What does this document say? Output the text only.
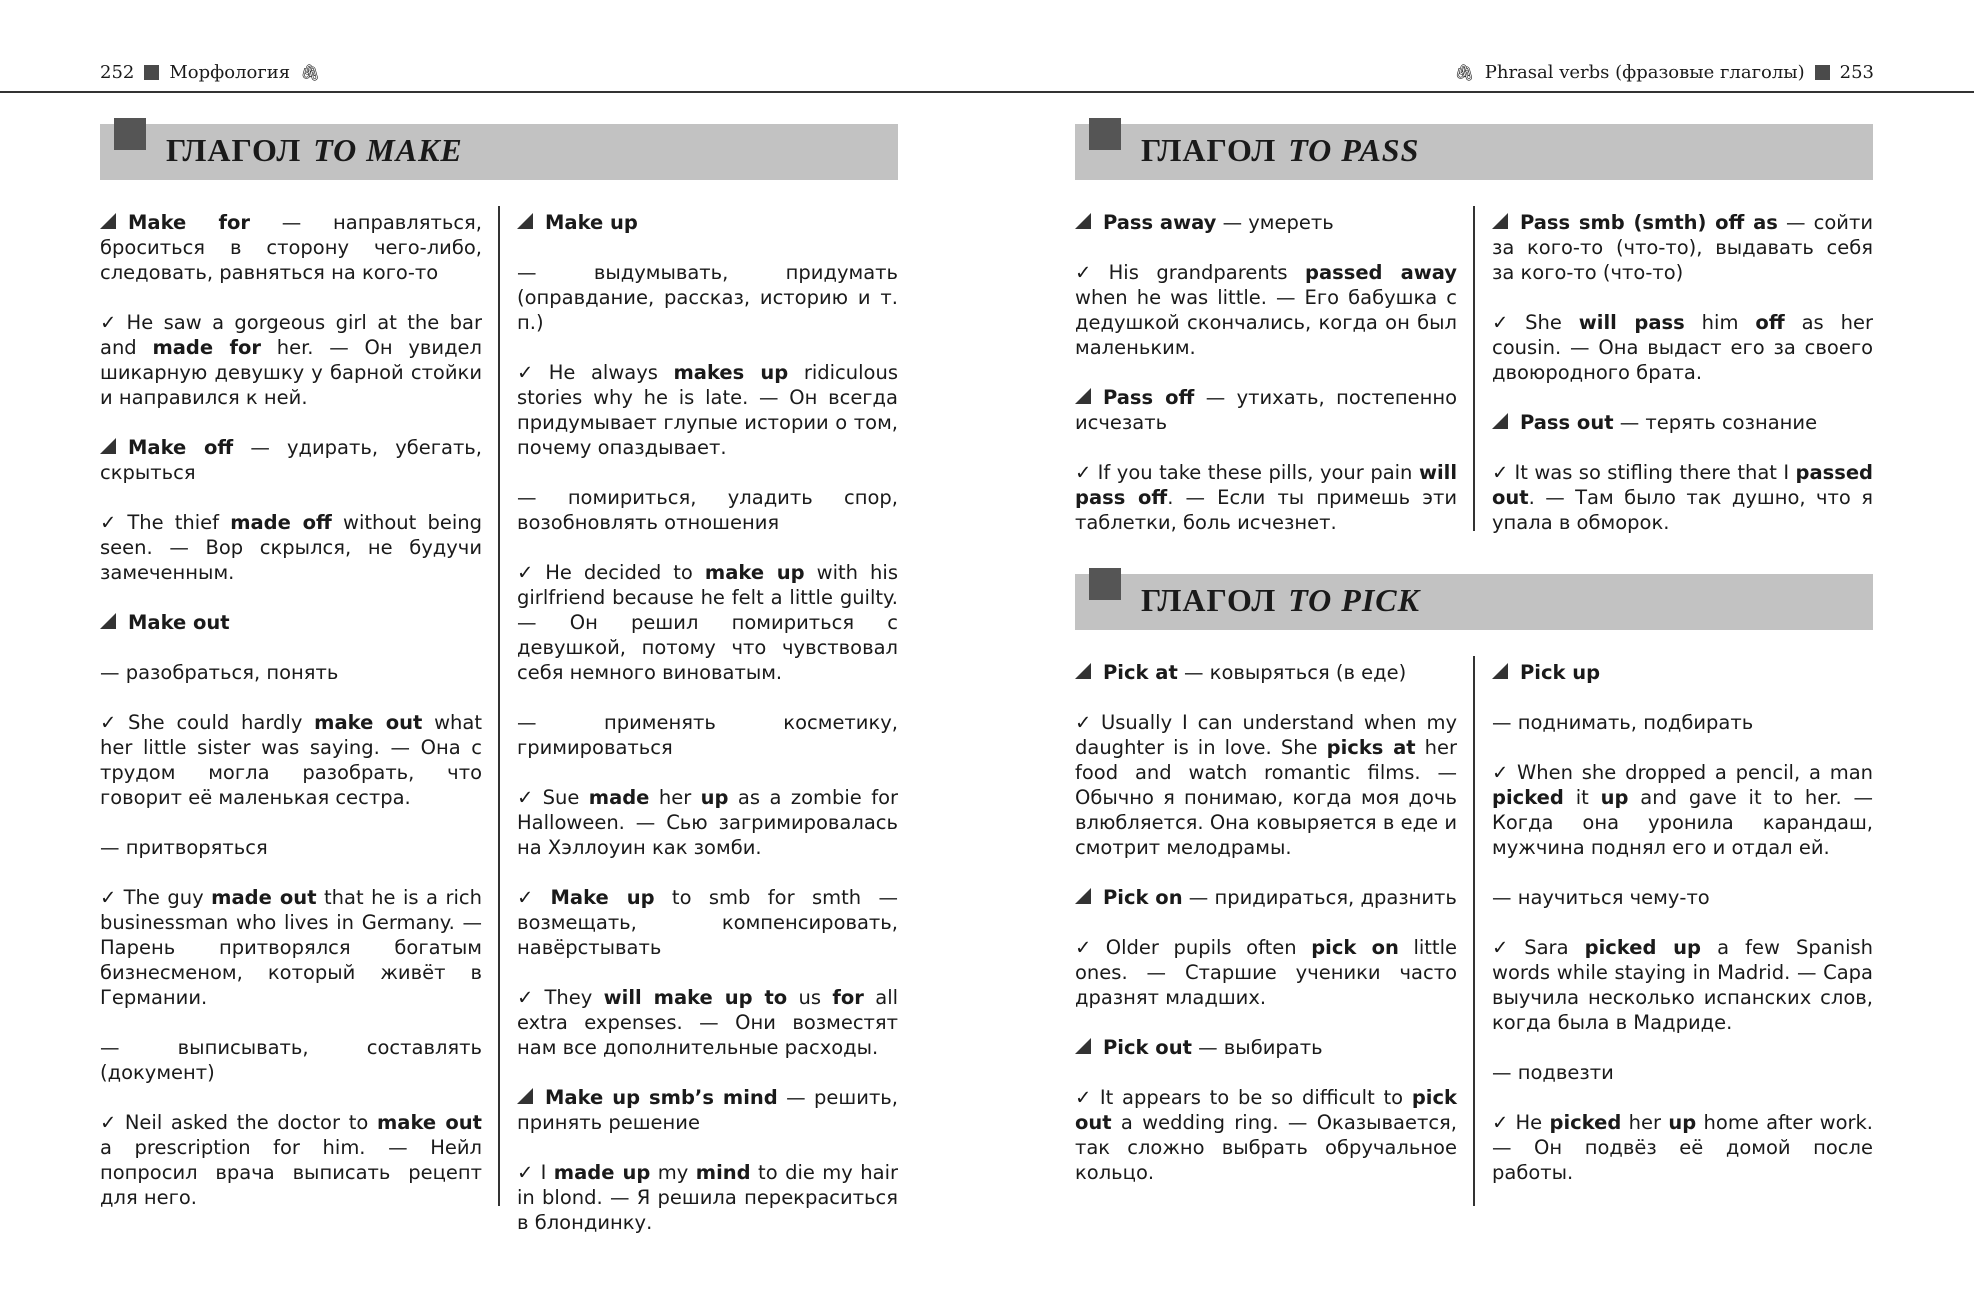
252 Морфология 🖇	🖇 Phrasal verbs (фразовые глаголы) 253
ГЛАГОЛ TO MAKE	ГЛАГОЛ TO PASS
ГЛАГОЛ TO PICK

Make for — направляться, броситься в сторону чего-либо, следовать, равняться на кого-то

✓ He saw a gorgeous girl at the bar and made for her. — Он увидел шикарную девушку у барной стойки и направился к ней.

Make off — удирать, убегать, скрыться

✓ The thief made off without being seen. — Вор скрылся, не будучи замеченным.

Make out

— разобраться, понять

✓ She could hardly make out what her little sister was saying. — Она с трудом могла разобрать, что говорит её маленькая сестра.

— притворяться

✓ The guy made out that he is a rich businessman who lives in Germany. — Парень притворялся богатым бизнесменом, который живёт в Германии.

— выписывать, составлять (документ)

✓ Neil asked the doctor to make out a prescription for him. — Нейл попросил врача выписать рецепт для него.

Make up

— выдумывать, придумать (оправдание, рассказ, историю и т. п.)

✓ He always makes up ridiculous stories why he is late. — Он всегда придумывает глупые истории о том, почему опаздывает.

— помириться, уладить спор, возобновлять отношения

✓ He decided to make up with his girlfriend because he felt a little guilty. — Он решил помириться с девушкой, потому что чувствовал себя немного виноватым.

— применять косметику, гримироваться

✓ Sue made her up as a zombie for Halloween. — Сью загримировалась на Хэллоуин как зомби.

✓ Make up to smb for smth — возмещать, компенсировать, навёрстывать

✓ They will make up to us for all extra expenses. — Они возместят нам все дополнительные расходы.

Make up smb’s mind — решить, принять решение

✓ I made up my mind to die my hair in blond. — Я решила перекраситься в блондинку.

Pass away — умереть

✓ His grandparents passed away when he was little. — Его бабушка с дедушкой скончались, когда он был маленьким.

Pass off — утихать, постепенно исчезать

✓ If you take these pills, your pain will pass off. — Если ты примешь эти таблетки, боль исчезнет.

Pass smb (smth) off as — сойти за кого-то (что-то), выдавать себя за кого-то (что-то)

✓ She will pass him off as her cousin. — Она выдаст его за своего двоюродного брата.

Pass out — терять сознание

✓ It was so stifling there that I passed out. — Там было так душно, что я упала в обморок.

Pick at — ковыряться (в еде)

✓ Usually I can understand when my daughter is in love. She picks at her food and watch romantic films. — Обычно я понимаю, когда моя дочь влюбляется. Она ковыряется в еде и смотрит мелодрамы.

Pick on — придираться, дразнить

✓ Older pupils often pick on little ones. — Старшие ученики часто дразнят младших.

Pick out — выбирать

✓ It appears to be so difficult to pick out a wedding ring. — Оказывается, так сложно выбрать обручальное кольцо.

Pick up

— поднимать, подбирать

✓ When she dropped a pencil, a man picked it up and gave it to her. — Когда она уронила карандаш, мужчина поднял его и отдал ей.

— научиться чему-то

✓ Sara picked up a few Spanish words while staying in Madrid. — Сара выучила несколько испанских слов, когда была в Мадриде.

— подвезти

✓ He picked her up home after work. — Он подвёз её домой после работы.
